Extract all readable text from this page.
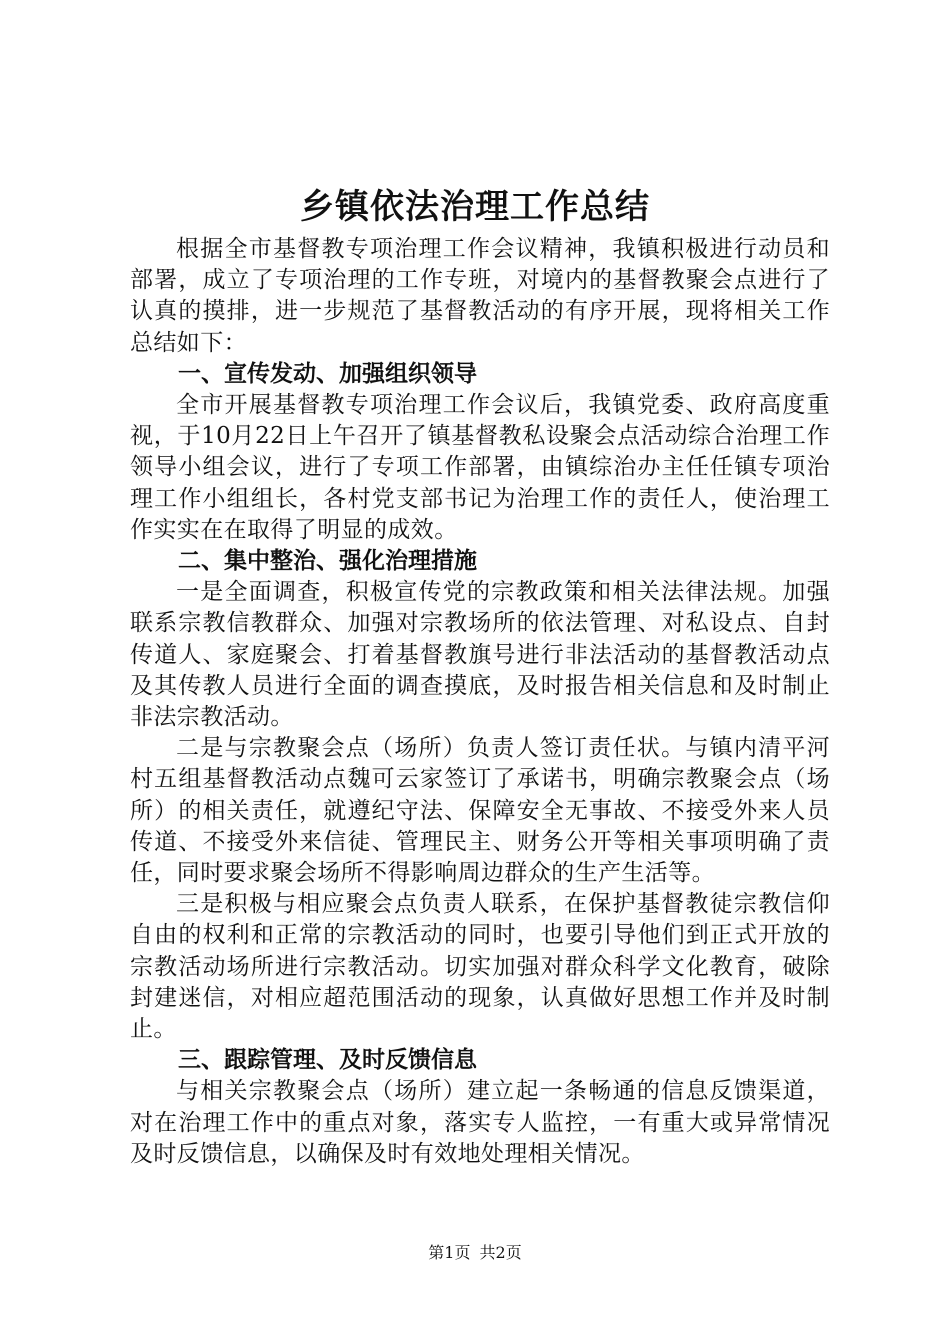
乡镇依法治理工作总结

根据全市基督教专项治理工作会议精神，我镇积极进行动员和部署，成立了专项治理的工作专班，对境内的基督教聚会点进行了认真的摸排，进一步规范了基督教活动的有序开展，现将相关工作总结如下：

一、宣传发动、加强组织领导

全市开展基督教专项治理工作会议后，我镇党委、政府高度重视，于10月22日上午召开了镇基督教私设聚会点活动综合治理工作领导小组会议，进行了专项工作部署，由镇综治办主任任镇专项治理工作小组组长，各村党支部书记为治理工作的责任人，使治理工作实实在在取得了明显的成效。

二、集中整治、强化治理措施

一是全面调查，积极宣传党的宗教政策和相关法律法规。加强联系宗教信教群众、加强对宗教场所的依法管理、对私设点、自封传道人、家庭聚会、打着基督教旗号进行非法活动的基督教活动点及其传教人员进行全面的调查摸底，及时报告相关信息和及时制止非法宗教活动。

二是与宗教聚会点（场所）负责人签订责任状。与镇内清平河村五组基督教活动点魏可云家签订了承诺书，明确宗教聚会点（场所）的相关责任，就遵纪守法、保障安全无事故、不接受外来人员传道、不接受外来信徒、管理民主、财务公开等相关事项明确了责任，同时要求聚会场所不得影响周边群众的生产生活等。

三是积极与相应聚会点负责人联系，在保护基督教徒宗教信仰自由的权利和正常的宗教活动的同时，也要引导他们到正式开放的宗教活动场所进行宗教活动。切实加强对群众科学文化教育，破除封建迷信，对相应超范围活动的现象，认真做好思想工作并及时制止。

三、跟踪管理、及时反馈信息

与相关宗教聚会点（场所）建立起一条畅通的信息反馈渠道，对在治理工作中的重点对象，落实专人监控，一有重大或异常情况及时反馈信息，以确保及时有效地处理相关情况。

第1页 共2页
